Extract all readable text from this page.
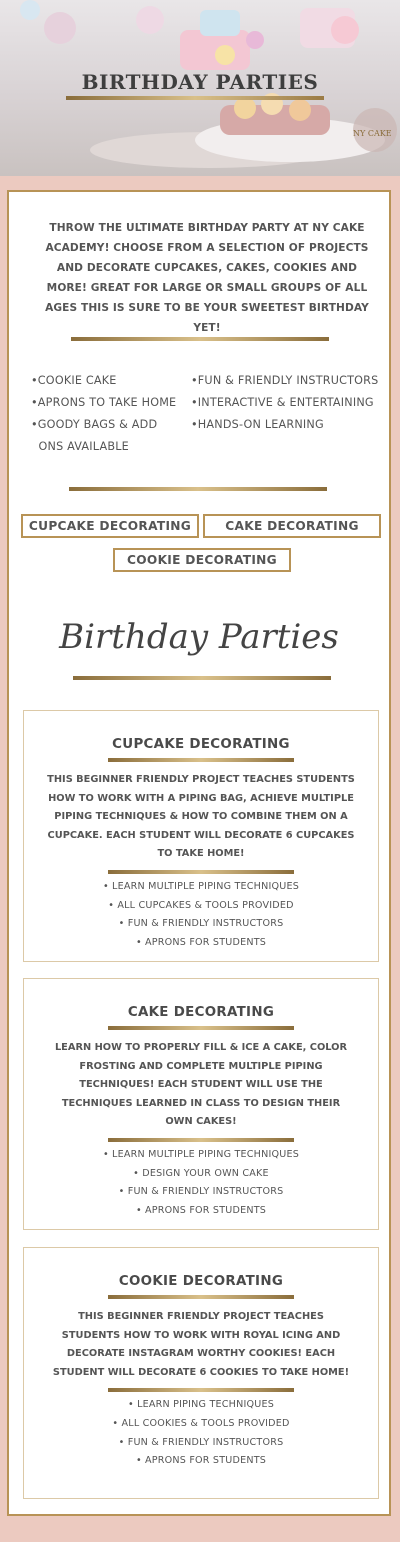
NY CAKE
BIRTHDAY PARTIES
THROW THE ULTIMATE BIRTHDAY PARTY AT NY CAKE ACADEMY! CHOOSE FROM A SELECTION OF PROJECTS AND DECORATE CUPCAKES, CAKES, COOKIES AND MORE! GREAT FOR LARGE OR SMALL GROUPS OF ALL AGES THIS IS SURE TO BE YOUR SWEETEST BIRTHDAY YET!
•COOKIE CAKE
•APRONS TO TAKE HOME
•GOODY BAGS & ADD
ONS AVAILABLE
•FUN & FRIENDLY INSTRUCTORS
•INTERACTIVE & ENTERTAINING
•HANDS-ON LEARNING
CUPCAKE DECORATING	CAKE DECORATING
COOKIE DECORATING
Birthday Parties
CUPCAKE DECORATING
THIS BEGINNER FRIENDLY PROJECT TEACHES STUDENTS HOW TO WORK WITH A PIPING BAG, ACHIEVE MULTIPLE PIPING TECHNIQUES & HOW TO COMBINE THEM ON A CUPCAKE. EACH STUDENT WILL DECORATE 6 CUPCAKES TO TAKE HOME!
• LEARN MULTIPLE PIPING TECHNIQUES
• ALL CUPCAKES & TOOLS PROVIDED
• FUN & FRIENDLY INSTRUCTORS
• APRONS FOR STUDENTS
CAKE DECORATING
LEARN HOW TO PROPERLY FILL & ICE A CAKE, COLOR FROSTING AND COMPLETE MULTIPLE PIPING TECHNIQUES! EACH STUDENT WILL USE THE TECHNIQUES LEARNED IN CLASS TO DESIGN THEIR OWN CAKES!
• LEARN MULTIPLE PIPING TECHNIQUES
• DESIGN YOUR OWN CAKE
• FUN & FRIENDLY INSTRUCTORS
• APRONS FOR STUDENTS
COOKIE DECORATING
THIS BEGINNER FRIENDLY PROJECT TEACHES STUDENTS HOW TO WORK WITH ROYAL ICING AND DECORATE INSTAGRAM WORTHY COOKIES! EACH STUDENT WILL DECORATE 6 COOKIES TO TAKE HOME!
• LEARN PIPING TECHNIQUES
• ALL COOKIES & TOOLS PROVIDED
• FUN & FRIENDLY INSTRUCTORS
• APRONS FOR STUDENTS
